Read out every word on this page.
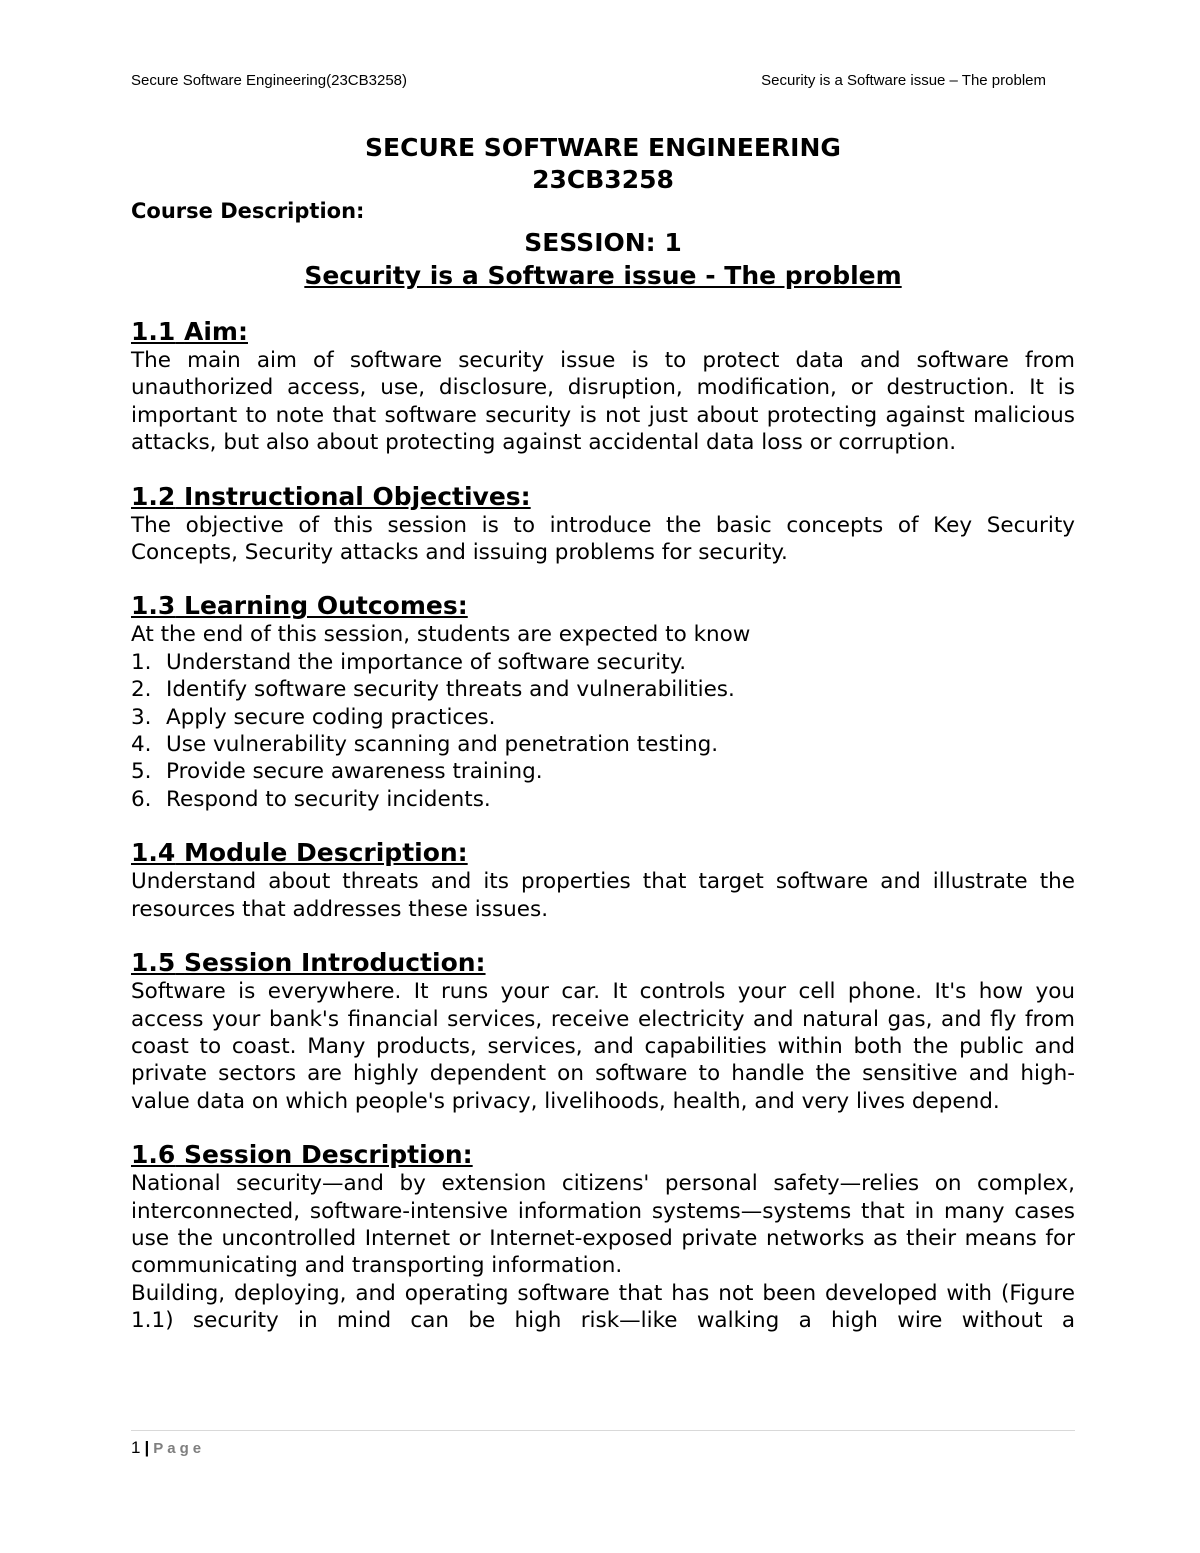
Secure Software Engineering(23CB3258)	Security is a Software issue – The problem

SECURE SOFTWARE ENGINEERING

23CB3258

Course Description:

SESSION: 1

Security is a Software issue - The problem

1.1 Aim:

The main aim of software security issue is to protect data and software from unauthorized access, use, disclosure, disruption, modification, or destruction. It is important to note that software security is not just about protecting against malicious attacks, but also about protecting against accidental data loss or corruption.

1.2 Instructional Objectives:

The objective of this session is to introduce the basic concepts of Key Security Concepts, Security attacks and issuing problems for security.

1.3 Learning Outcomes:

At the end of this session, students are expected to know

1. Understand the importance of software security.
2. Identify software security threats and vulnerabilities.
3. Apply secure coding practices.
4. Use vulnerability scanning and penetration testing.
5. Provide secure awareness training.
6. Respond to security incidents.
1.4 Module Description:

Understand about threats and its properties that target software and illustrate the resources that addresses these issues.

1.5 Session Introduction:

Software is everywhere. It runs your car. It controls your cell phone. It's how you access your bank's financial services, receive electricity and natural gas, and fly from coast to coast. Many products, services, and capabilities within both the public and private sectors are highly dependent on software to handle the sensitive and high-value data on which people's privacy, livelihoods, health, and very lives depend.

1.6 Session Description:

National security—and by extension citizens' personal safety—relies on complex, interconnected, software-intensive information systems—systems that in many cases use the uncontrolled Internet or Internet-exposed private networks as their means for communicating and transporting information.

Building, deploying, and operating software that has not been developed with (Figure 1.1) security in mind can be high risk—like walking a high wire without a

1 | Page
